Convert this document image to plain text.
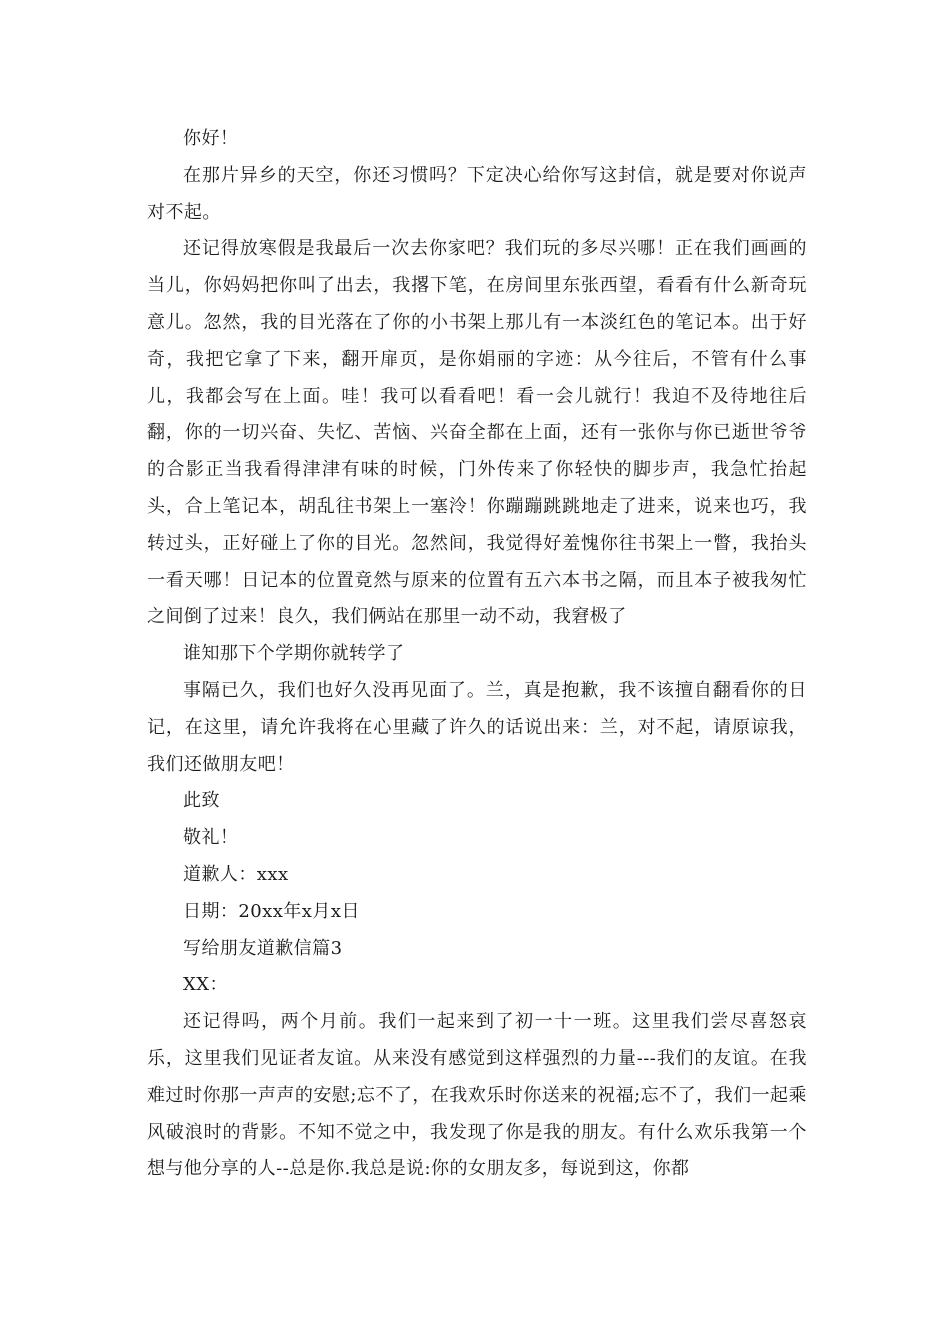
你好！

在那片异乡的天空，你还习惯吗？下定决心给你写这封信，就是要对你说声对不起。

还记得放寒假是我最后一次去你家吧？我们玩的多尽兴哪！正在我们画画的当儿，你妈妈把你叫了出去，我撂下笔，在房间里东张西望，看看有什么新奇玩意儿。忽然，我的目光落在了你的小书架上那儿有一本淡红色的笔记本。出于好奇，我把它拿了下来，翻开扉页，是你娟丽的字迹：从今往后，不管有什么事儿，我都会写在上面。哇！我可以看看吧！看一会儿就行！我迫不及待地往后翻，你的一切兴奋、失忆、苦恼、兴奋全都在上面，还有一张你与你已逝世爷爷的合影正当我看得津津有味的时候，门外传来了你轻快的脚步声，我急忙抬起头，合上笔记本，胡乱往书架上一塞泠！你蹦蹦跳跳地走了进来，说来也巧，我转过头，正好碰上了你的目光。忽然间，我觉得好羞愧你往书架上一瞥，我抬头一看天哪！日记本的位置竟然与原来的位置有五六本书之隔，而且本子被我匆忙之间倒了过来！良久，我们俩站在那里一动不动，我窘极了

谁知那下个学期你就转学了

事隔已久，我们也好久没再见面了。兰，真是抱歉，我不该擅自翻看你的日记，在这里，请允许我将在心里藏了许久的话说出来：兰，对不起，请原谅我，我们还做朋友吧！

此致

敬礼！

道歉人：xxx

日期：20xx年x月x日

写给朋友道歉信篇3

XX：

还记得吗，两个月前。我们一起来到了初一十一班。这里我们尝尽喜怒哀乐，这里我们见证者友谊。从来没有感觉到这样强烈的力量---我们的友谊。在我难过时你那一声声的安慰;忘不了，在我欢乐时你送来的祝福;忘不了，我们一起乘风破浪时的背影。不知不觉之中，我发现了你是我的朋友。有什么欢乐我第一个想与他分享的人--总是你.我总是说:你的女朋友多，每说到这，你都
